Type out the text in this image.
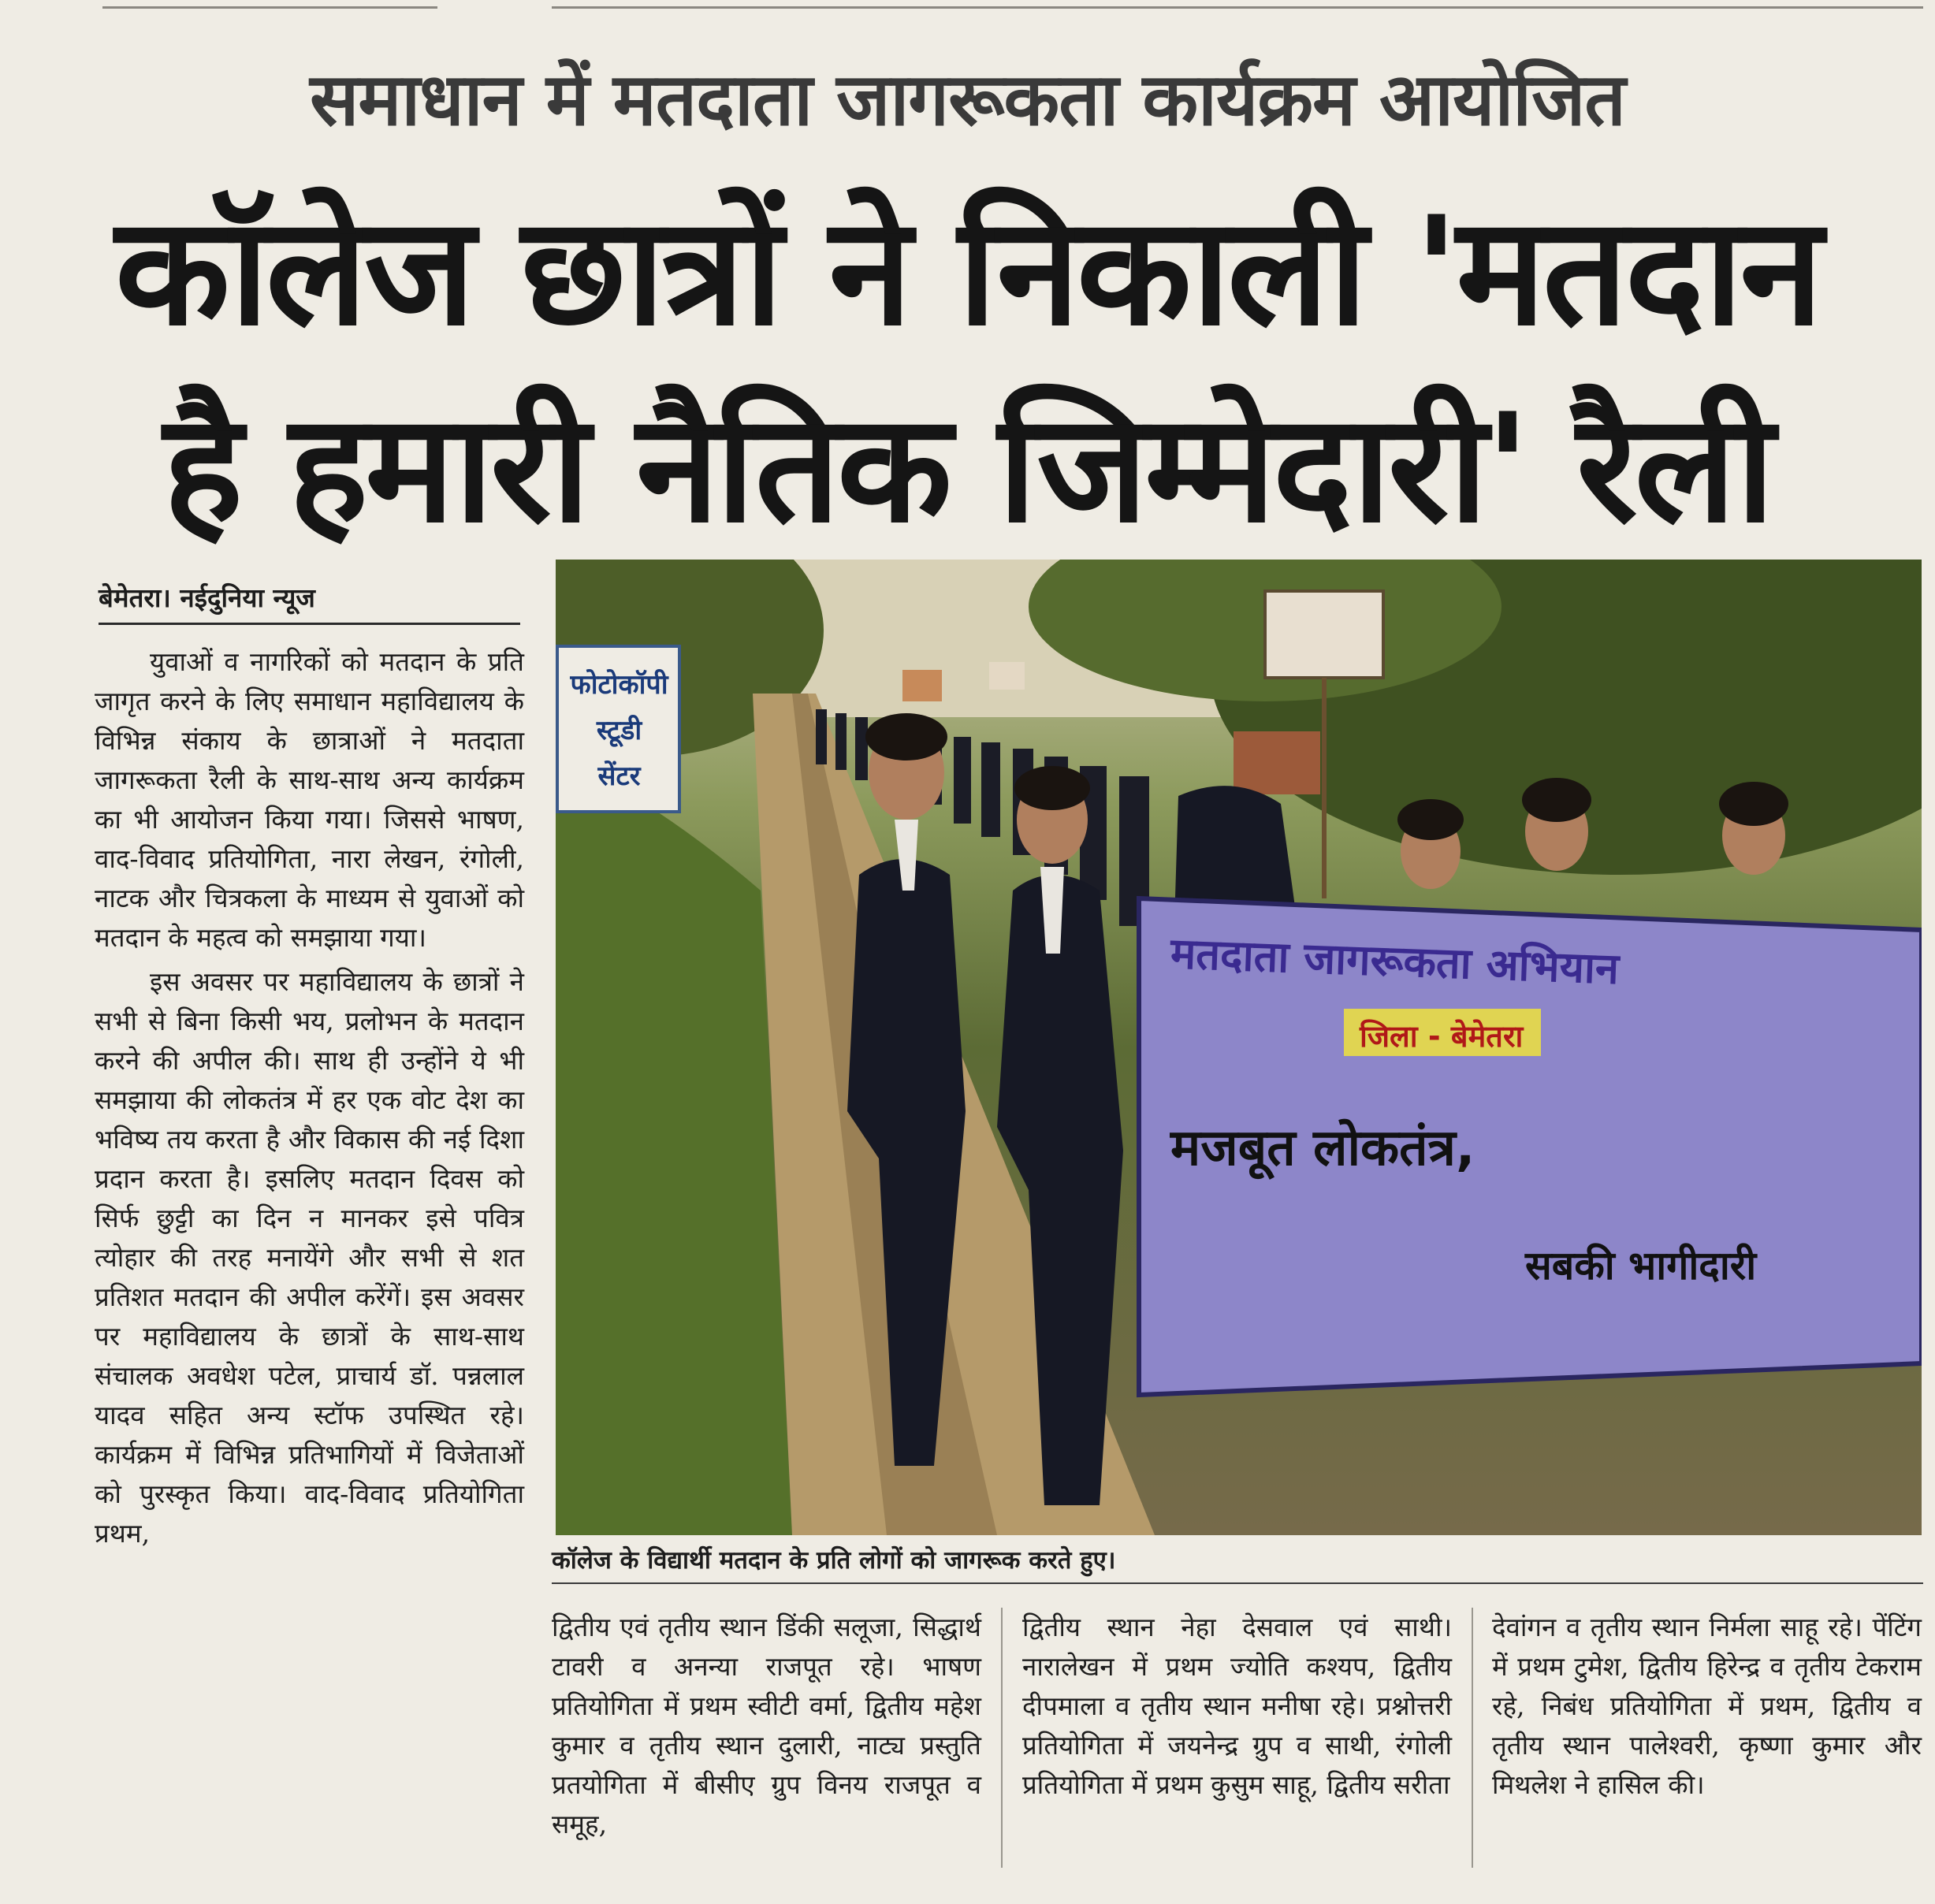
समाधान में मतदाता जागरूकता कार्यक्रम आयोजित
कॉलेज छात्रों ने निकाली 'मतदान
है हमारी नैतिक जिम्मेदारी' रैली
बेमेतरा। नईदुनिया न्यूज

युवाओं व नागरिकों को मतदान के प्रति जागृत करने के लिए समाधान महाविद्यालय के विभिन्न संकाय के छात्राओं ने मतदाता जागरूकता रैली के साथ-साथ अन्य कार्यक्रम का भी आयोजन किया गया। जिससे भाषण, वाद-विवाद प्रतियोगिता, नारा लेखन, रंगोली, नाटक और चित्रकला के माध्यम से युवाओं को मतदान के महत्व को समझाया गया।

इस अवसर पर महाविद्यालय के छात्रों ने सभी से बिना किसी भय, प्रलोभन के मतदान करने की अपील की। साथ ही उन्होंने ये भी समझाया की लोकतंत्र में हर एक वोट देश का भविष्य तय करता है और विकास की नई दिशा प्रदान करता है। इसलिए मतदान दिवस को सिर्फ छुट्टी का दिन न मानकर इसे पवित्र त्योहार की तरह मनायेंगे और सभी से शत प्रतिशत मतदान की अपील करेंगें। इस अवसर पर महाविद्यालय के छात्रों के साथ-साथ संचालक अवधेश पटेल, प्राचार्य डॉ. पन्नलाल यादव सहित अन्य स्टॉफ उपस्थित रहे। कार्यक्रम में विभिन्न प्रतिभागियों में विजेताओं को पुरस्कृत किया। वाद-विवाद प्रतियोगिता प्रथम,

फोटोकॉपी
स्टूडी
सेंटर
मतदाता जागरूकता अभियान
जिला - बेमेतरा
मजबूत लोकतंत्र,
सबकी भागीदारी
कॉलेज के विद्यार्थी मतदान के प्रति लोगों को जागरूक करते हुए।

द्वितीय एवं तृतीय स्थान डिंकी सलूजा, सिद्धार्थ टावरी व अनन्या राजपूत रहे। भाषण प्रतियोगिता में प्रथम स्वीटी वर्मा, द्वितीय महेश कुमार व तृतीय स्थान दुलारी, नाट्य प्रस्तुति प्रतयोगिता में बीसीए ग्रुप विनय राजपूत व समूह,

द्वितीय स्थान नेहा देसवाल एवं साथी। नारालेखन में प्रथम ज्योति कश्यप, द्वितीय दीपमाला व तृतीय स्थान मनीषा रहे। प्रश्नोत्तरी प्रतियोगिता में जयनेन्द्र ग्रुप व साथी, रंगोली प्रतियोगिता में प्रथम कुसुम साहू, द्वितीय सरीता

देवांगन व तृतीय स्थान निर्मला साहू रहे। पेंटिंग में प्रथम टुमेश, द्वितीय हिरेन्द्र व तृतीय टेकराम रहे, निबंध प्रतियोगिता में प्रथम, द्वितीय व तृतीय स्थान पालेश्वरी, कृष्णा कुमार और मिथलेश ने हासिल की।
